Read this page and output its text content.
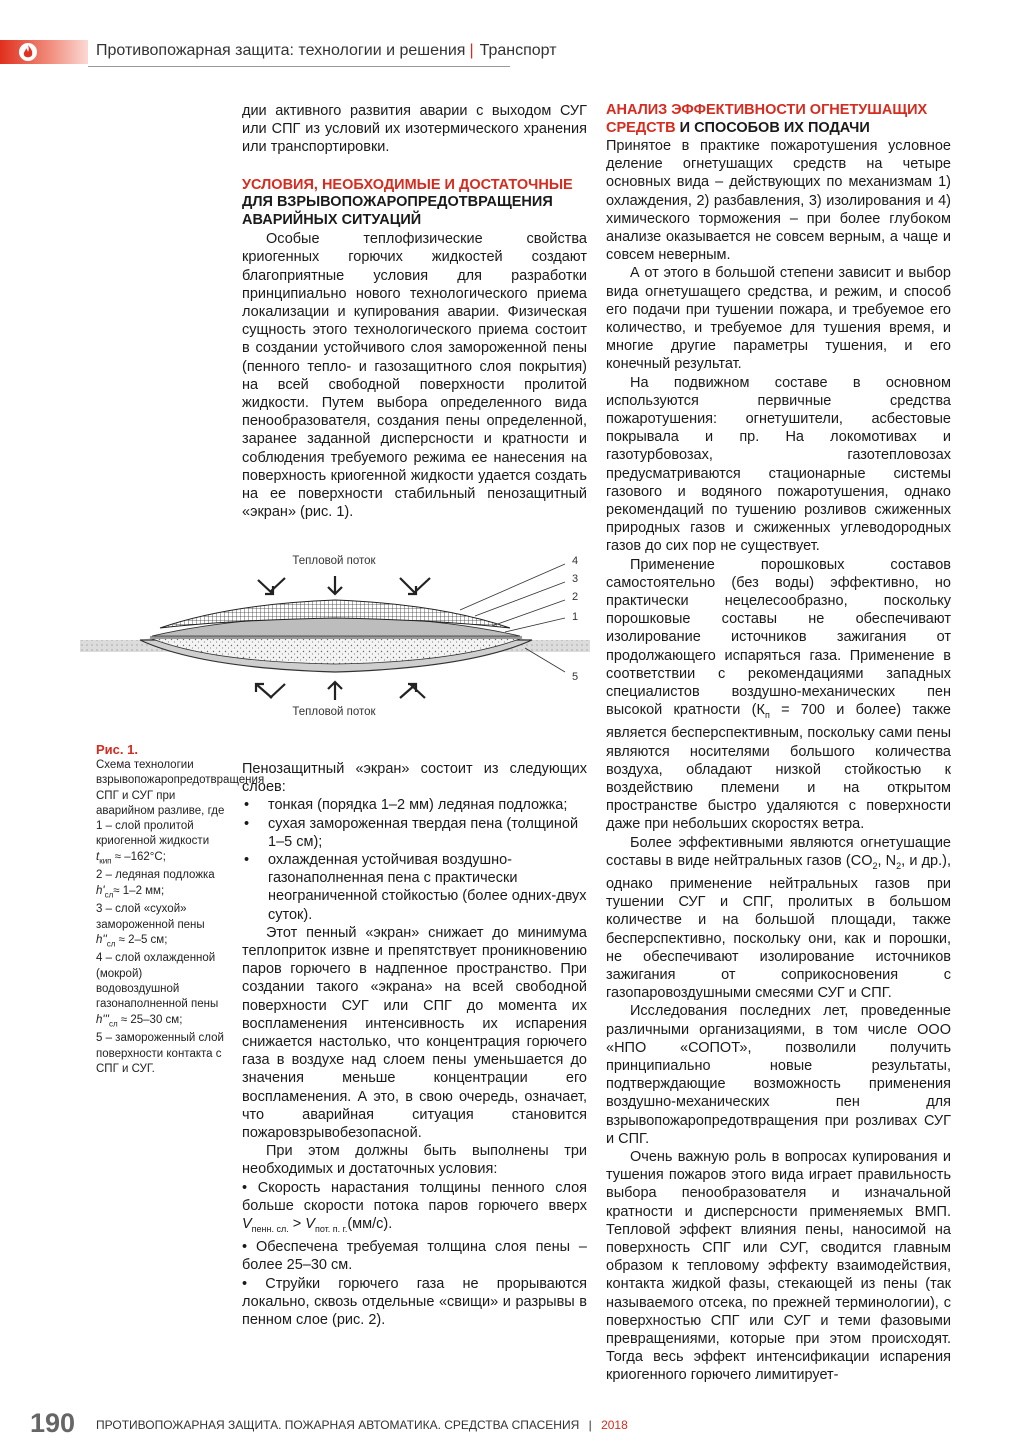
Противопожарная защита: технологии и решения | Транспорт

дии активного развития аварии с выходом СУГ или СПГ из условий их изотермического хранения или транспортировки.

УСЛОВИЯ, НЕОБХОДИМЫЕ И ДОСТАТОЧНЫЕ
ДЛЯ ВЗРЫВОПОЖАРОПРЕДОТВРАЩЕНИЯ АВАРИЙНЫХ СИТУАЦИЙ

Особые теплофизические свойства криогенных горючих жидкостей создают благоприятные условия для разработки принципиально нового технологического приема локализации и купирования аварии. Физическая сущность этого технологического приема состоит в создании устойчивого слоя замороженной пены (пенного тепло- и газозащитного слоя покрытия) на всей свободной поверхности пролитой жидкости. Путем выбора определенного вида пенообразователя, создания пены определенной, заранее заданной дисперсности и кратности и соблюдения требуемого режима ее нанесения на поверхность криогенной жидкости удается создать на ее поверхности стабильный пенозащитный «экран» (рис. 1).

Тепловой поток
Тепловой поток
4
3
2
1
5
Рис. 1.
Схема технологии взрывопожаропредотвращения СПГ и СУГ при аварийном разливе, где
1 – слой пролитой криогенной жидкости
$t_{кип} \approx -162^\circ С$;
2 – ледяная подложка
$h'_{сл}\approx 1-2$ мм;
3 – слой «сухой» замороженной пены
$h''_{сл} \approx 2-5$ см;
4 – слой охлажденной (мокрой) водовоздушной газонаполненной пены
$h'''_{сл} \approx 25-30$ см;
5 – замороженный слой поверхности контакта с СПГ и СУГ.

Пенозащитный «экран» состоит из следующих слоев:

• тонкая (порядка 1–2 мм) ледяная подложка;

• сухая замороженная твердая пена (толщиной 1–5 см);

• охлажденная устойчивая воздушно-газонаполненная пена с практически неограниченной стойкостью (более одних-двух суток).

Этот пенный «экран» снижает до минимума теплоприток извне и препятствует проникновению паров горючего в надпенное пространство. При создании такого «экрана» на всей свободной поверхности СУГ или СПГ до момента их воспламенения интенсивность их испарения снижается настолько, что концентрация горючего газа в воздухе над слоем пены уменьшается до значения меньше концентрации его воспламенения. А это, в свою очередь, означает, что аварийная ситуация становится пожаровзрывобезопасной.

При этом должны быть выполнены три необходимых и достаточных условия:

• Скорость нарастания толщины пенного слоя больше скорости потока паров горючего вверх $V_{пенн. сл.} > V_{пот. п. г.}(мм/с)$.

• Обеспечена требуемая толщина слоя пены – более 25–30 см.

• Струйки горючего газа не прорываются локально, сквозь отдельные «свищи» и разрывы в пенном слое (рис. 2).

АНАЛИЗ ЭФФЕКТИВНОСТИ ОГНЕТУШАЩИХ СРЕДСТВ И СПОСОБОВ ИХ ПОДАЧИ

Принятое в практике пожаротушения условное деление огнетушащих средств на четыре основных вида – действующих по механизмам 1) охлаждения, 2) разбавления, 3) изолирования и 4) химического торможения – при более глубоком анализе оказывается не совсем верным, а чаще и совсем неверным.

А от этого в большой степени зависит и выбор вида огнетушащего средства, и режим, и способ его подачи при тушении пожара, и требуемое его количество, и требуемое для тушения время, и многие другие параметры тушения, и его конечный результат.

На подвижном составе в основном используются первичные средства пожаротушения: огнетушители, асбестовые покрывала и пр. На локомотивах и газотурбовозах, газотепловозах предусматриваются стационарные системы газового и водяного пожаротушения, однако рекомендаций по тушению розливов сжиженных природных газов и сжиженных углеводородных газов до сих пор не существует.

Применение порошковых составов самостоятельно (без воды) эффективно, но практически нецелесообразно, поскольку порошковые составы не обеспечивают изолирование источников зажигания от продолжающего испаряться газа. Применение в соответствии с рекомендациями западных специалистов воздушно-механических пен высокой кратности ($К_п = 700$ и более) также является бесперспективным, поскольку сами пены являются носителями большого количества воздуха, обладают низкой стойкостью к воздействию племени и на открытом пространстве быстро удаляются с поверхности даже при небольших скоростях ветра.

Более эффективными являются огнетушащие составы в виде нейтральных газов ($CO_2$, $N_2$, и др.), однако применение нейтральных газов при тушении СУГ и СПГ, пролитых в большом количестве и на большой площади, также бесперспективно, поскольку они, как и порошки, не обеспечивают изолирование источников зажигания от соприкосновения с газопаровоздушными смесями СУГ и СПГ.

Исследования последних лет, проведенные различными организациями, в том числе ООО «НПО «СОПОТ», позволили получить принципиально новые результаты, подтверждающие возможность применения воздушно-механических пен для взрывопожаропредотвращения при розливах СУГ и СПГ.

Очень важную роль в вопросах купирования и тушения пожаров этого вида играет правильность выбора пенообразователя и изначальной кратности и дисперсности применяемых ВМП. Тепловой эффект влияния пены, наносимой на поверхность СПГ или СУГ, сводится главным образом к тепловому эффекту взаимодействия, контакта жидкой фазы, стекающей из пены (так называемого отсека, по прежней терминологии), с поверхностью СПГ или СУГ и теми фазовыми превращениями, которые при этом происходят. Тогда весь эффект интенсификации испарения криогенного горючего лимитирует-

190 ПРОТИВОПОЖАРНАЯ ЗАЩИТА. ПОЖАРНАЯ АВТОМАТИКА. СРЕДСТВА СПАСЕНИЯ | 2018
